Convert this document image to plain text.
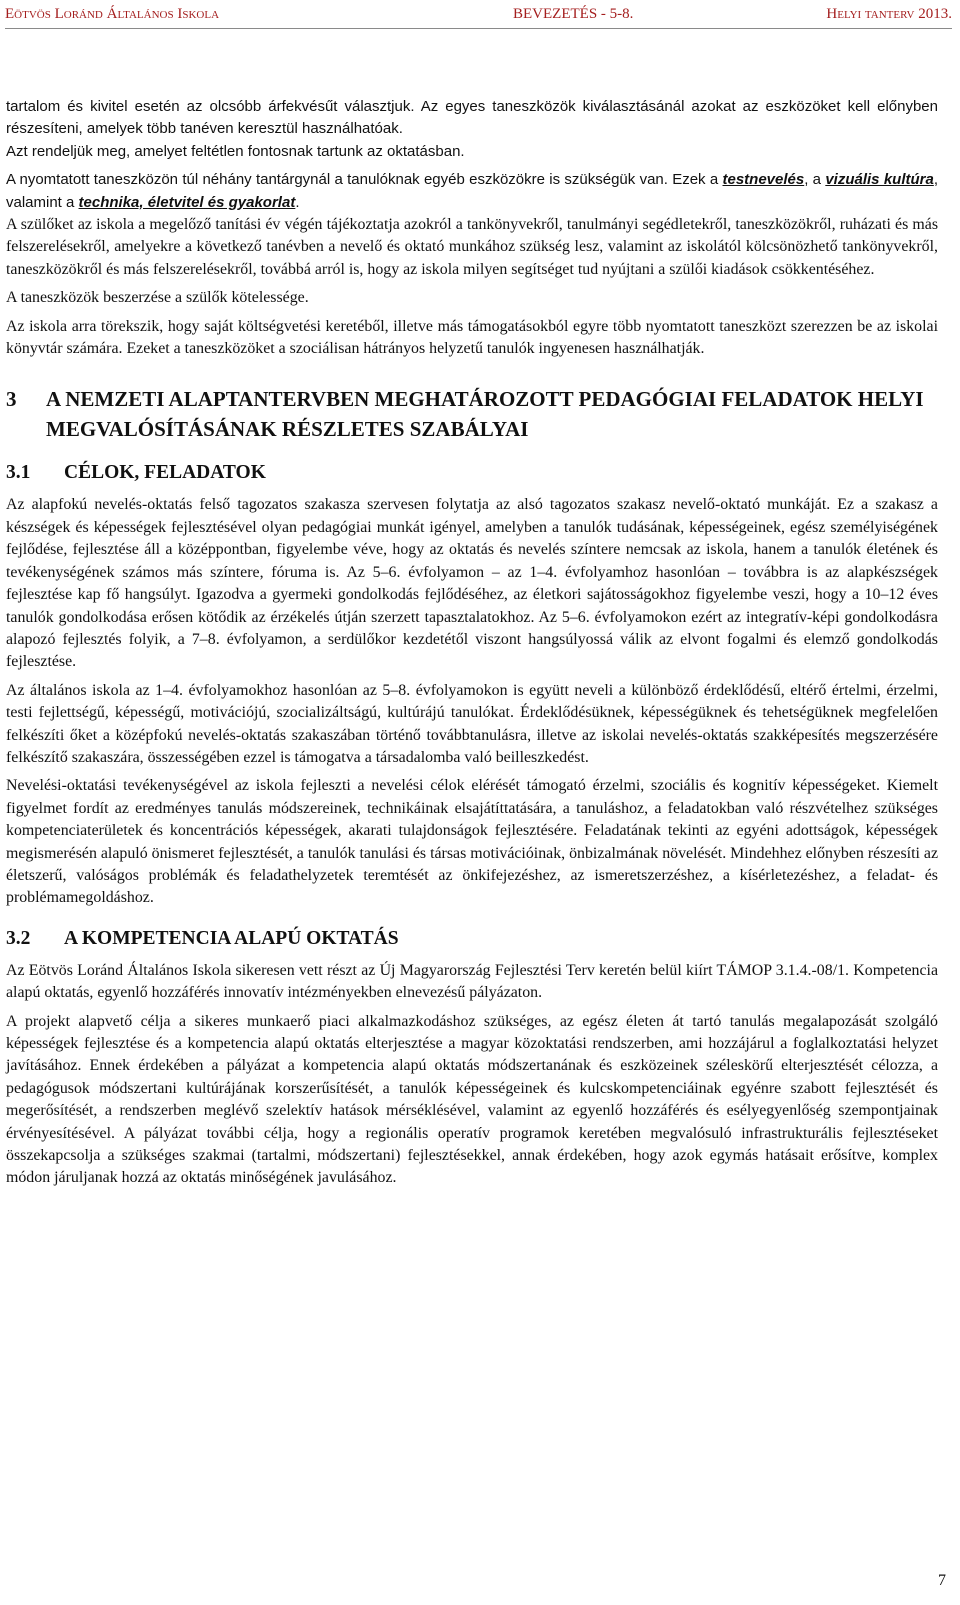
Eötvös Loránd Általános Iskola	BEVEZETÉS - 5-8.	Helyi tanterv 2013.

tartalom és kivitel esetén az olcsóbb árfekvésűt választjuk. Az egyes taneszközök kiválasztásánál azokat az eszközöket kell előnyben részesíteni, amelyek több tanéven keresztül használhatóak.

Azt rendeljük meg, amelyet feltétlen fontosnak tartunk az oktatásban.

A nyomtatott taneszközön túl néhány tantárgynál a tanulóknak egyéb eszközökre is szükségük van. Ezek a testnevelés, a vizuális kultúra, valamint a technika, életvitel és gyakorlat.

A szülőket az iskola a megelőző tanítási év végén tájékoztatja azokról a tankönyvekről, tanulmányi segédletekről, taneszközökről, ruházati és más felszerelésekről, amelyekre a következő tanévben a nevelő és oktató munkához szükség lesz, valamint az iskolától kölcsönözhető tankönyvekről, taneszközökről és más felszerelésekről, továbbá arról is, hogy az iskola milyen segítséget tud nyújtani a szülői kiadások csökkentéséhez.

A taneszközök beszerzése a szülők kötelessége.

Az iskola arra törekszik, hogy saját költségvetési keretéből, illetve más támogatásokból egyre több nyomtatott taneszközt szerezzen be az iskolai könyvtár számára. Ezeket a taneszközöket a szociálisan hátrányos helyzetű tanulók ingyenesen használhatják.

3	A NEMZETI ALAPTANTERVBEN MEGHATÁROZOTT PEDAGÓGIAI FELADATOK HELYI MEGVALÓSÍTÁSÁNAK RÉSZLETES SZABÁLYAI
3.1	CÉLOK, FELADATOK

Az alapfokú nevelés-oktatás felső tagozatos szakasza szervesen folytatja az alsó tagozatos szakasz nevelő-oktató munkáját. Ez a szakasz a készségek és képességek fejlesztésével olyan pedagógiai munkát igényel, amelyben a tanulók tudásának, képességeinek, egész személyiségének fejlődése, fejlesztése áll a középpontban, figyelembe véve, hogy az oktatás és nevelés színtere nemcsak az iskola, hanem a tanulók életének és tevékenységének számos más színtere, fóruma is. Az 5–6. évfolyamon – az 1–4. évfolyamhoz hasonlóan – továbbra is az alapkészségek fejlesztése kap fő hangsúlyt. Igazodva a gyermeki gondolkodás fejlődéséhez, az életkori sajátosságokhoz figyelembe veszi, hogy a 10–12 éves tanulók gondolkodása erősen kötődik az érzékelés útján szerzett tapasztalatokhoz. Az 5–6. évfolyamokon ezért az integratív-képi gondolkodásra alapozó fejlesztés folyik, a 7–8. évfolyamon, a serdülőkor kezdetétől viszont hangsúlyossá válik az elvont fogalmi és elemző gondolkodás fejlesztése.

Az általános iskola az 1–4. évfolyamokhoz hasonlóan az 5–8. évfolyamokon is együtt neveli a különböző érdeklődésű, eltérő értelmi, érzelmi, testi fejlettségű, képességű, motivációjú, szocializáltságú, kultúrájú tanulókat. Érdeklődésüknek, képességüknek és tehetségüknek megfelelően felkészíti őket a középfokú nevelés-oktatás szakaszában történő továbbtanulásra, illetve az iskolai nevelés-oktatás szakképesítés megszerzésére felkészítő szakaszára, összességében ezzel is támogatva a társadalomba való beilleszkedést.

Nevelési-oktatási tevékenységével az iskola fejleszti a nevelési célok elérését támogató érzelmi, szociális és kognitív képességeket. Kiemelt figyelmet fordít az eredményes tanulás módszereinek, technikáinak elsajátíttatására, a tanuláshoz, a feladatokban való részvételhez szükséges kompetenciaterületek és koncentrációs képességek, akarati tulajdonságok fejlesztésére. Feladatának tekinti az egyéni adottságok, képességek megismerésén alapuló önismeret fejlesztését, a tanulók tanulási és társas motivációinak, önbizalmának növelését. Mindehhez előnyben részesíti az életszerű, valóságos problémák és feladathelyzetek teremtését az önkifejezéshez, az ismeretszerzéshez, a kísérletezéshez, a feladat- és problémamegoldáshoz.

3.2	A KOMPETENCIA ALAPÚ OKTATÁS

Az Eötvös Loránd Általános Iskola sikeresen vett részt az Új Magyarország Fejlesztési Terv keretén belül kiírt TÁMOP 3.1.4.-08/1. Kompetencia alapú oktatás, egyenlő hozzáférés innovatív intézményekben elnevezésű pályázaton.

A projekt alapvető célja a sikeres munkaerő piaci alkalmazkodáshoz szükséges, az egész életen át tartó tanulás megalapozását szolgáló képességek fejlesztése és a kompetencia alapú oktatás elterjesztése a magyar közoktatási rendszerben, ami hozzájárul a foglalkoztatási helyzet javításához. Ennek érdekében a pályázat a kompetencia alapú oktatás módszertanának és eszközeinek széleskörű elterjesztését célozza, a pedagógusok módszertani kultúrájának korszerűsítését, a tanulók képességeinek és kulcskompetenciáinak egyénre szabott fejlesztését és megerősítését, a rendszerben meglévő szelektív hatások mérséklésével, valamint az egyenlő hozzáférés és esélyegyenlőség szempontjainak érvényesítésével. A pályázat további célja, hogy a regionális operatív programok keretében megvalósuló infrastrukturális fejlesztéseket összekapcsolja a szükséges szakmai (tartalmi, módszertani) fejlesztésekkel, annak érdekében, hogy azok egymás hatásait erősítve, komplex módon járuljanak hozzá az oktatás minőségének javulásához.

7
